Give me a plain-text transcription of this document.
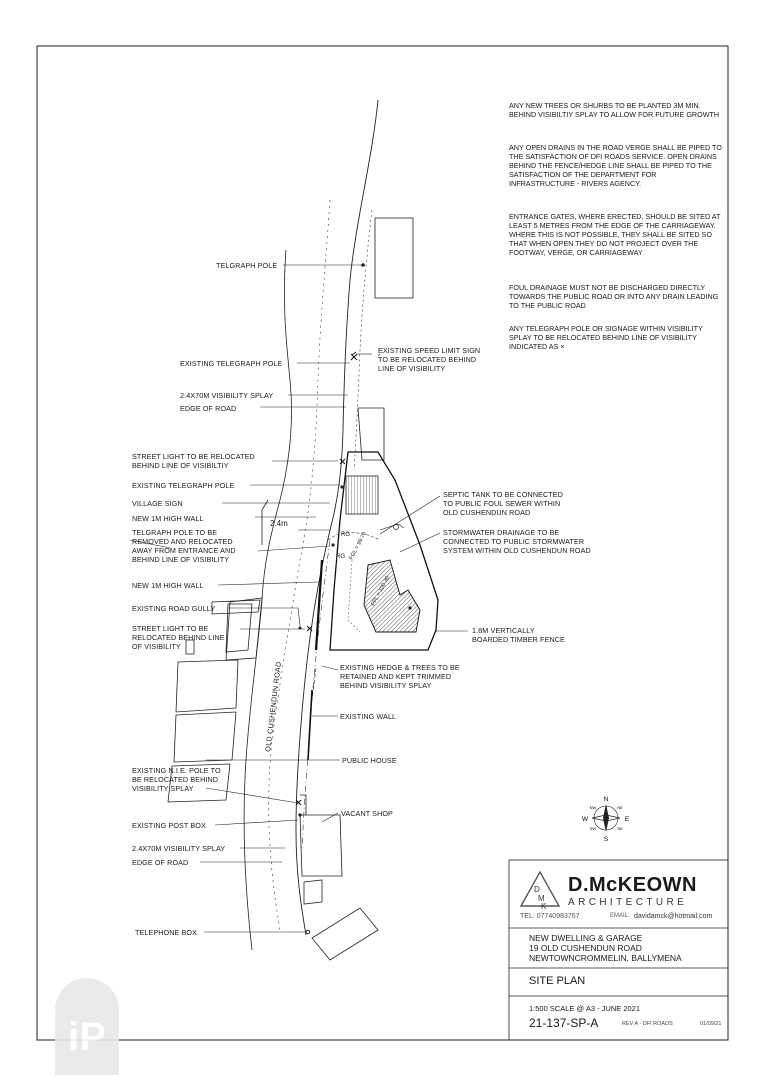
iP
2.4m
RG
RG FGL = 99.70
FFL = 100.30
OLD CUSHENDUN ROAD
N
S
E
W
NE
NW
SE
SW
D
M
K
TELGRAPH POLE
EXISTING SPEED LIMIT SIGN
TO BE RELOCATED BEHIND
LINE OF VISIBILITY
EXISTING TELEGRAPH POLE
2.4X70M VISIBILITY SPLAY
EDGE OF ROAD
STREET LIGHT TO BE RELOCATED
BEHIND LINE OF VISIBILTIY
EXISTING TELEGRAPH POLE
VILLAGE SIGN
NEW 1M HIGH WALL
TELGRAPH POLE TO BE
REMOVED AND RELOCATED
AWAY FROM ENTRANCE AND
BEHIND LINE OF VISIBILITY
NEW 1M HIGH WALL
EXISTING ROAD GULLY
STREET LIGHT TO BE
RELOCATED BEHIND LINE
OF VISIBILITY
EXISTING N.I.E. POLE TO
BE RELOCATED BEHIND
VISIBILITY SPLAY
EXISTING POST BOX
2.4X70M VISIBILITY SPLAY
EDGE OF ROAD
TELEPHONE BOX
SEPTIC TANK TO BE CONNECTED
TO PUBLIC FOUL SEWER WITHIN
OLD CUSHENDUN ROAD
STORMWATER DRAINAGE TO BE
CONNECTED TO PUBLIC STORMWATER
SYSTEM WITHIN OLD CUSHENDUN ROAD
1.8M VERTICALLY
BOARDED TIMBER FENCE
EXISTING HEDGE & TREES TO BE
RETAINED AND KEPT TRIMMED
BEHIND VISIBILITY SPLAY
EXISTING WALL
PUBLIC HOUSE
VACANT SHOP
ANY NEW TREES OR SHURBS TO BE PLANTED 3M MIN. BEHIND VISIBILTIY SPLAY TO ALLOW FOR FUTURE GROWTH
ANY OPEN DRAINS IN THE ROAD VERGE SHALL BE PIPED TO THE SATISFACTION OF DFI ROADS SERVICE. OPEN DRAINS BEHIND THE FENCE/HEDGE LINE SHALL BE PIPED TO THE SATISFACTION OF THE DEPARTMENT FOR INFRASTRUCTURE - RIVERS AGENCY.
ENTRANCE GATES, WHERE ERECTED, SHOULD BE SITED AT LEAST 5 METRES FROM THE EDGE OF THE CARRIAGEWAY. WHERE THIS IS NOT POSSIBLE, THEY SHALL BE SITED SO THAT WHEN OPEN THEY DO NOT PROJECT OVER THE FOOTWAY, VERGE, OR CARRIAGEWAY
FOUL DRAINAGE MUST NOT BE DISCHARGED DIRECTLY TOWARDS THE PUBLIC ROAD OR INTO ANY DRAIN LEADING TO THE PUBLIC ROAD
ANY TELEGRAPH POLE OR SIGNAGE WITHIN VISIBILITY SPLAY TO BE RELOCATED BEHIND LINE OF VISIBILITY INDICATED AS ×
D.McKEOWN
ARCHITECTURE
TEL: 07740983767	EMAIL: davidamck@hotmail.com
NEW DWELLING & GARAGE
19 OLD CUSHENDUN ROAD
NEWTOWNCROMMELIN, BALLYMENA
SITE PLAN
1:500 SCALE @ A3 - JUNE 2021
21-137-SP-A	REV A - DFI ROADS	01/09/21
